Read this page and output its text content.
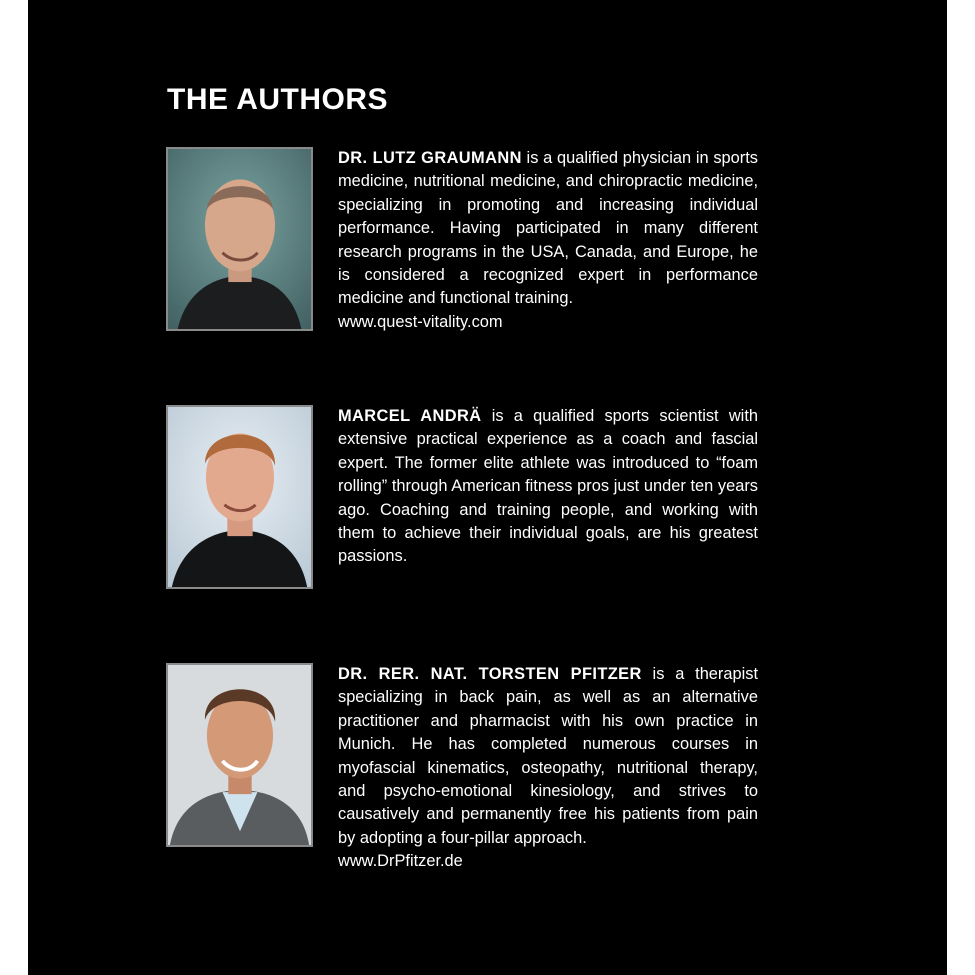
THE AUTHORS

DR. LUTZ GRAUMANN is a qualified physician in sports medicine, nutritional medicine, and chiropractic medicine, specializing in promoting and increasing individual performance. Having participated in many different research programs in the USA, Canada, and Europe, he is considered a recognized expert in performance medicine and functional training.
www.quest-vitality.com

MARCEL ANDRÄ is a qualified sports scientist with extensive practical experience as a coach and fascial expert. The former elite athlete was introduced to “foam rolling” through American fitness pros just under ten years ago. Coaching and training people, and working with them to achieve their individual goals, are his greatest passions.

DR. RER. NAT. TORSTEN PFITZER is a therapist specializing in back pain, as well as an alternative practitioner and pharmacist with his own practice in Munich. He has completed numerous courses in myofascial kinematics, osteopathy, nutritional therapy, and psycho-emotional kinesiology, and strives to causatively and permanently free his patients from pain by adopting a four-pillar approach.
www.DrPfitzer.de
